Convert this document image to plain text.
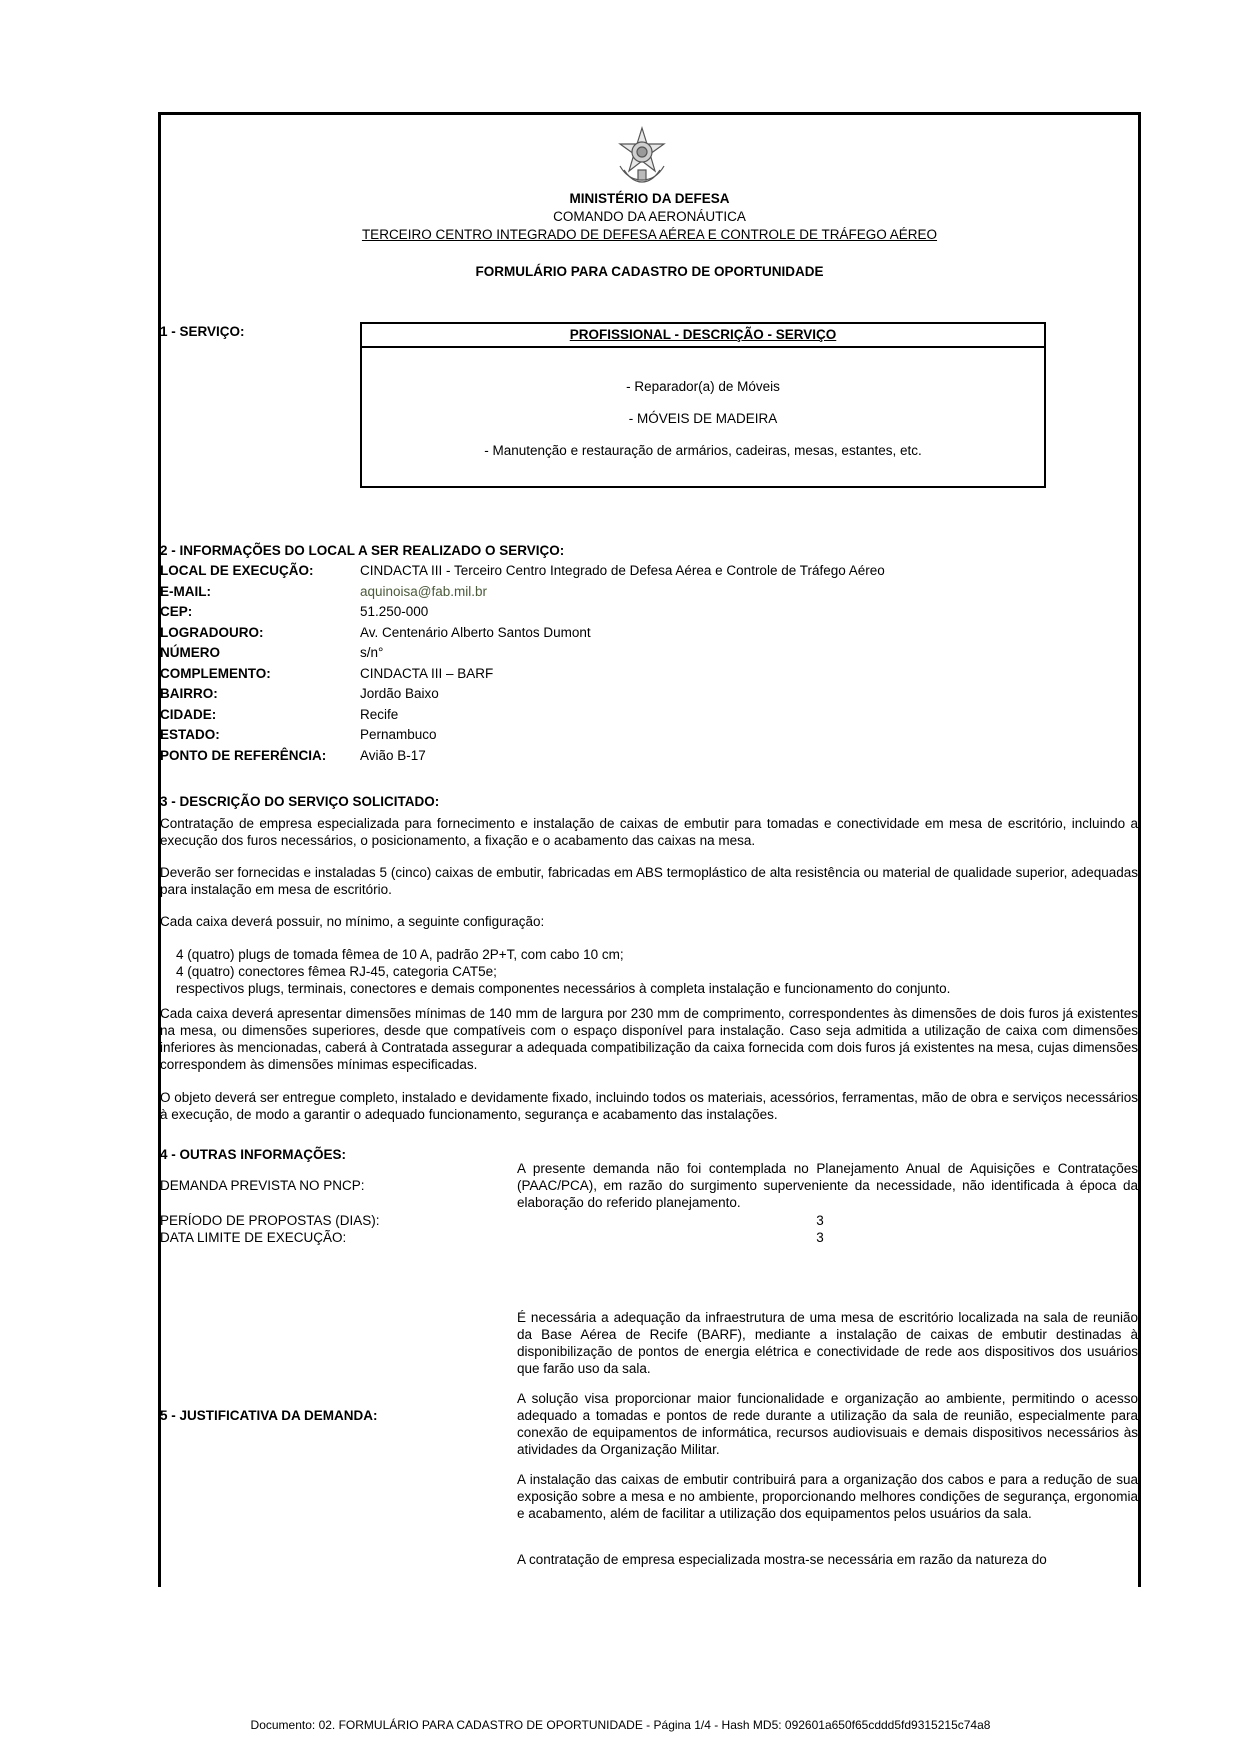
MINISTÉRIO DA DEFESA
COMANDO DA AERONÁUTICA
TERCEIRO CENTRO INTEGRADO DE DEFESA AÉREA E CONTROLE DE TRÁFEGO AÉREO
FORMULÁRIO PARA CADASTRO DE OPORTUNIDADE
1 - SERVIÇO:	PROFISSIONAL - DESCRIÇÃO - SERVIÇO
- Reparador(a) de Móveis
- MÓVEIS DE MADEIRA
- Manutenção e restauração de armários, cadeiras, mesas, estantes, etc.
2 - INFORMAÇÕES DO LOCAL A SER REALIZADO O SERVIÇO:
LOCAL DE EXECUÇÃO:	CINDACTA III - Terceiro Centro Integrado de Defesa Aérea e Controle de Tráfego Aéreo
E-MAIL:	aquinoisa@fab.mil.br
CEP:	51.250-000
LOGRADOURO:	Av. Centenário Alberto Santos Dumont
NÚMERO	s/n°
COMPLEMENTO:	CINDACTA III – BARF
BAIRRO:	Jordão Baixo
CIDADE:	Recife
ESTADO:	Pernambuco
PONTO DE REFERÊNCIA:	Avião B-17
3 - DESCRIÇÃO DO SERVIÇO SOLICITADO:
Contratação de empresa especializada para fornecimento e instalação de caixas de embutir para tomadas e conectividade em mesa de escritório, incluindo a execução dos furos necessários, o posicionamento, a fixação e o acabamento das caixas na mesa.
Deverão ser fornecidas e instaladas 5 (cinco) caixas de embutir, fabricadas em ABS termoplástico de alta resistência ou material de qualidade superior, adequadas para instalação em mesa de escritório.
Cada caixa deverá possuir, no mínimo, a seguinte configuração:
4 (quatro) plugs de tomada fêmea de 10 A, padrão 2P+T, com cabo 10 cm;
4 (quatro) conectores fêmea RJ-45, categoria CAT5e;
respectivos plugs, terminais, conectores e demais componentes necessários à completa instalação e funcionamento do conjunto.
Cada caixa deverá apresentar dimensões mínimas de 140 mm de largura por 230 mm de comprimento, correspondentes às dimensões de dois furos já existentes na mesa, ou dimensões superiores, desde que compatíveis com o espaço disponível para instalação. Caso seja admitida a utilização de caixa com dimensões inferiores às mencionadas, caberá à Contratada assegurar a adequada compatibilização da caixa fornecida com dois furos já existentes na mesa, cujas dimensões correspondem às dimensões mínimas especificadas.
O objeto deverá ser entregue completo, instalado e devidamente fixado, incluindo todos os materiais, acessórios, ferramentas, mão de obra e serviços necessários à execução, de modo a garantir o adequado funcionamento, segurança e acabamento das instalações.
4 - OUTRAS INFORMAÇÕES:
DEMANDA PREVISTA NO PNCP:
A presente demanda não foi contemplada no Planejamento Anual de Aquisições e Contratações (PAAC/PCA), em razão do surgimento superveniente da necessidade, não identificada à época da elaboração do referido planejamento.
PERÍODO DE PROPOSTAS (DIAS):	3
DATA LIMITE DE EXECUÇÃO:	3
5 - JUSTIFICATIVA DA DEMANDA:
É necessária a adequação da infraestrutura de uma mesa de escritório localizada na sala de reunião da Base Aérea de Recife (BARF), mediante a instalação de caixas de embutir destinadas à disponibilização de pontos de energia elétrica e conectividade de rede aos dispositivos dos usuários que farão uso da sala.
A solução visa proporcionar maior funcionalidade e organização ao ambiente, permitindo o acesso adequado a tomadas e pontos de rede durante a utilização da sala de reunião, especialmente para conexão de equipamentos de informática, recursos audiovisuais e demais dispositivos necessários às atividades da Organização Militar.
A instalação das caixas de embutir contribuirá para a organização dos cabos e para a redução de sua exposição sobre a mesa e no ambiente, proporcionando melhores condições de segurança, ergonomia e acabamento, além de facilitar a utilização dos equipamentos pelos usuários da sala.
A contratação de empresa especializada mostra-se necessária em razão da natureza do
Documento: 02. FORMULÁRIO PARA CADASTRO DE OPORTUNIDADE - Página 1/4 - Hash MD5: 092601a650f65cddd5fd9315215c74a8
